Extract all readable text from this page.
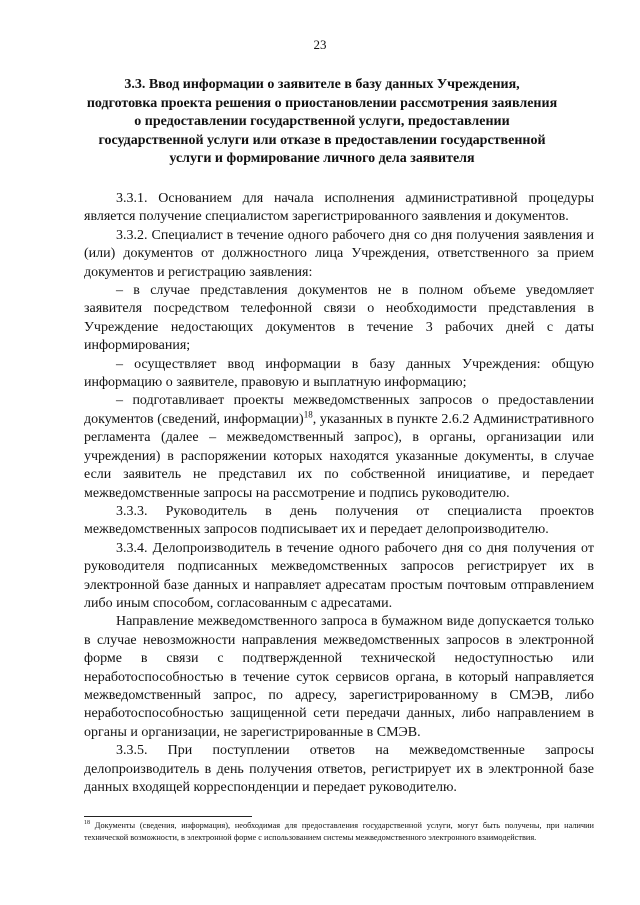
23
3.3. Ввод информации о заявителе в базу данных Учреждения,
подготовка проекта решения о приостановлении рассмотрения заявления
о предоставлении государственной услуги, предоставлении
государственной услуги или отказе в предоставлении государственной
услуги и формирование личного дела заявителя

3.3.1. Основанием для начала исполнения административной процедуры является получение специалистом зарегистрированного заявления и документов.

3.3.2. Специалист в течение одного рабочего дня со дня получения заявления и (или) документов от должностного лица Учреждения, ответственного за прием документов и регистрацию заявления:

– в случае представления документов не в полном объеме уведомляет заявителя посредством телефонной связи о необходимости представления в Учреждение недостающих документов в течение 3 рабочих дней с даты информирования;

– осуществляет ввод информации в базу данных Учреждения: общую информацию о заявителе, правовую и выплатную информацию;

– подготавливает проекты межведомственных запросов о предоставлении документов (сведений, информации)$^{18}$, указанных в пункте 2.6.2 Административного регламента (далее – межведомственный запрос), в органы, организации или учреждения) в распоряжении которых находятся указанные документы, в случае если заявитель не представил их по собственной инициативе, и передает межведомственные запросы на рассмотрение и подпись руководителю.

3.3.3. Руководитель в день получения от специалиста проектов межведомственных запросов подписывает их и передает делопроизводителю.

3.3.4. Делопроизводитель в течение одного рабочего дня со дня получения от руководителя подписанных межведомственных запросов регистрирует их в электронной базе данных и направляет адресатам простым почтовым отправлением либо иным способом, согласованным с адресатами.

Направление межведомственного запроса в бумажном виде допускается только в случае невозможности направления межведомственных запросов в электронной форме в связи с подтвержденной технической недоступностью или неработоспособностью в течение суток сервисов органа, в который направляется межведомственный запрос, по адресу, зарегистрированному в СМЭВ, либо неработоспособностью защищенной сети передачи данных, либо направлением в органы и организации, не зарегистрированные в СМЭВ.

3.3.5. При поступлении ответов на межведомственные запросы делопроизводитель в день получения ответов, регистрирует их в электронной базе данных входящей корреспонденции и передает руководителю.

$^{18}$ Документы (сведения, информация), необходимая для предоставления государственной услуги, могут быть получены, при наличии технической возможности, в электронной форме с использованием системы межведомственного электронного взаимодействия.
